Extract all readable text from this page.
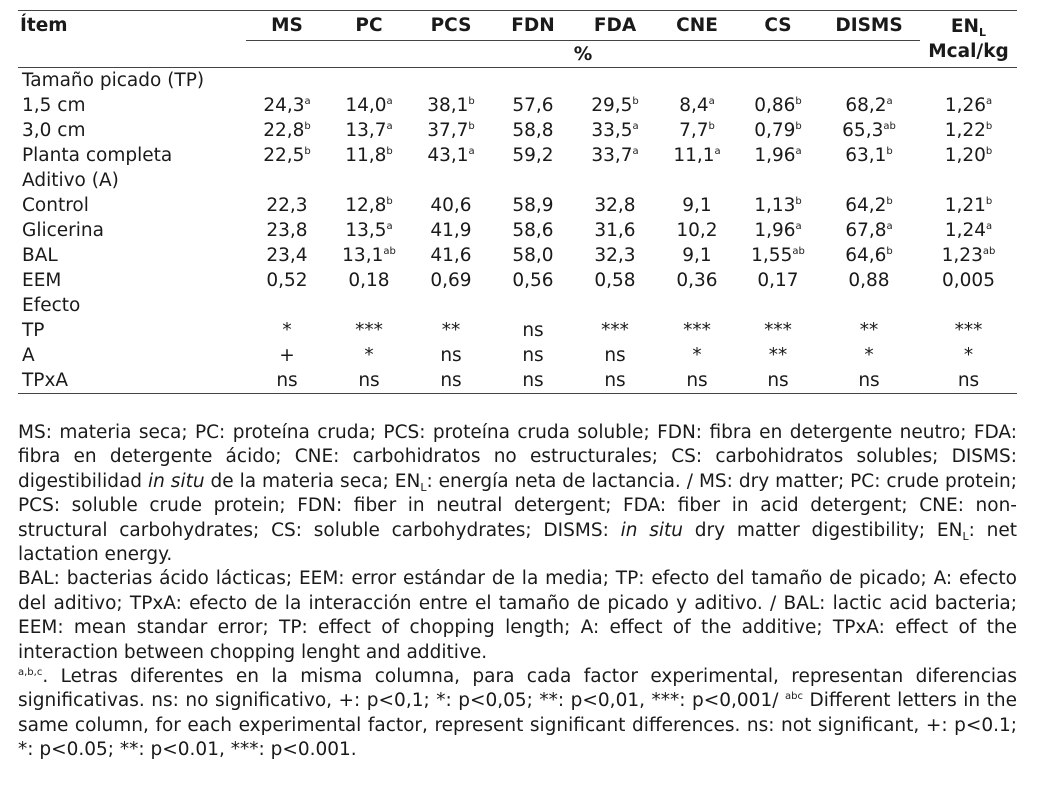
Ítem	MS	PC	PCS	FDN	FDA	CNE	CS	DISMS	$EN_L$
Mcal/kg
	%								
Tamaño picado (TP)									
1,5 cm	24,3$^a$	14,0$^a$	38,1$^b$	57,6	29,5$^b$	8,4$^a$	0,86$^b$	68,2$^a$	1,26$^a$
3,0 cm	22,8$^b$	13,7$^a$	37,7$^b$	58,8	33,5$^a$	7,7$^b$	0,79$^b$	65,3$^{ab}$	1,22$^b$
Planta completa	22,5$^b$	11,8$^b$	43,1$^a$	59,2	33,7$^a$	11,1$^a$	1,96$^a$	63,1$^b$	1,20$^b$
Aditivo (A)									
Control	22,3	12,8$^b$	40,6	58,9	32,8	9,1	1,13$^b$	64,2$^b$	1,21$^b$
Glicerina	23,8	13,5$^a$	41,9	58,6	31,6	10,2	1,96$^a$	67,8$^a$	1,24$^a$
BAL	23,4	13,1$^{ab}$	41,6	58,0	32,3	9,1	1,55$^{ab}$	64,6$^b$	1,23$^{ab}$
EEM	0,52	0,18	0,69	0,56	0,58	0,36	0,17	0,88	0,005
Efecto									
TP	*	***	**	ns	***	***	***	**	***
A	+	*	ns	ns	ns	*	**	*	*
TPxA	ns	ns	ns	ns	ns	ns	ns	ns	ns

MS: materia seca; PC: proteína cruda; PCS: proteína cruda soluble; FDN: fibra en detergente neutro; FDA: fibra en detergente ácido; CNE: carbohidratos no estructurales; CS: carbohidratos solubles; DISMS: digestibilidad in situ de la materia seca; $EN_L$: energía neta de lactancia. / MS: dry matter; PC: crude protein; PCS: soluble crude protein; FDN: fiber in neutral detergent; FDA: fiber in acid detergent; CNE: non-structural carbohydrates; CS: soluble carbohydrates; DISMS: in situ dry matter digestibility; $EN_L$: net lactation energy.

BAL: bacterias ácido lácticas; EEM: error estándar de la media; TP: efecto del tamaño de picado; A: efecto del aditivo; TPxA: efecto de la interacción entre el tamaño de picado y aditivo. / BAL: lactic acid bacteria; EEM: mean standar error; TP: effect of chopping length; A: effect of the additive; TPxA: effect of the interaction between chopping lenght and additive.

$^{a,b,c}$. Letras diferentes en la misma columna, para cada factor experimental, representan diferencias significativas. ns: no significativo, +: p<0,1; *: p<0,05; **: p<0,01, ***: p<0,001/ $^{abc}$ Different letters in the same column, for each experimental factor, represent significant differences. ns: not significant, +: p<0.1; *: p<0.05; **: p<0.01, ***: p<0.001.
